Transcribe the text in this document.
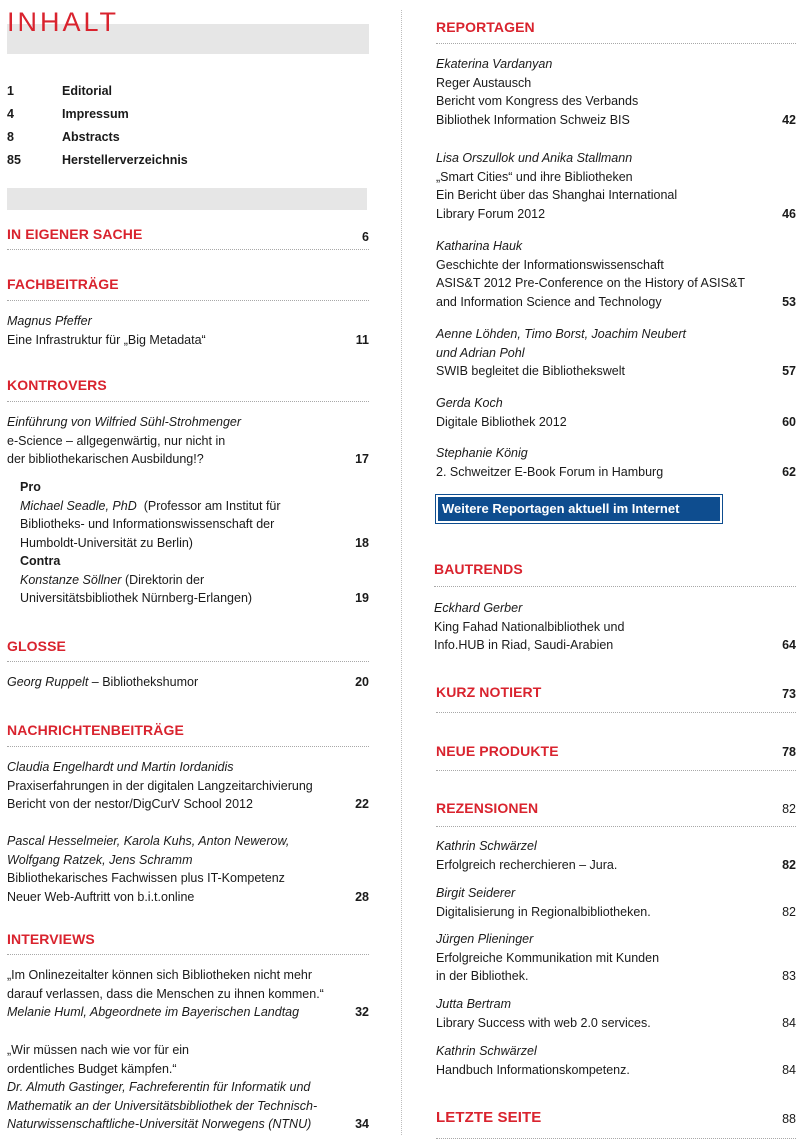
INHALT
1	Editorial
4	Impressum
8	Abstracts
85	Herstellerverzeichnis
IN EIGENER SACHE	6
FACHBEITRÄGE
Magnus Pfeffer
Eine Infrastruktur für „Big Metadata“	11
KONTROVERS
Einführung von Wilfried Sühl-Strohmenger
e-Science – allgegenwärtig, nur nicht in
der bibliothekarischen Ausbildung!?	17
Pro
Michael Seadle, PhD (Professor am Institut für
Bibliotheks- und Informationswissenschaft der
Humboldt-Universität zu Berlin)	18
Contra
Konstanze Söllner (Direktorin der
Universitätsbibliothek Nürnberg-Erlangen)	19
GLOSSE
Georg Ruppelt – Bibliothekshumor	20
NACHRICHTENBEITRÄGE
Claudia Engelhardt und Martin Iordanidis
Praxiserfahrungen in der digitalen Langzeitarchivierung
Bericht von der nestor/DigCurV School 2012	22
Pascal Hesselmeier, Karola Kuhs, Anton Newerow,
Wolfgang Ratzek, Jens Schramm
Bibliothekarisches Fachwissen plus IT-Kompetenz
Neuer Web-Auftritt von b.i.t.online	28
INTERVIEWS
„Im Onlinezeitalter können sich Bibliotheken nicht mehr
darauf verlassen, dass die Menschen zu ihnen kommen.“
Melanie Huml, Abgeordnete im Bayerischen Landtag	32
„Wir müssen nach wie vor für ein
ordentliches Budget kämpfen.“
Dr. Almuth Gastinger, Fachreferentin für Informatik und
Mathematik an der Universitätsbibliothek der Technisch-
Naturwissenschaftliche-Universität Norwegens (NTNU)	34
REPORTAGEN
Ekaterina Vardanyan
Reger Austausch
Bericht vom Kongress des Verbands
Bibliothek Information Schweiz BIS	42
Lisa Orszullok und Anika Stallmann
„Smart Cities“ und ihre Bibliotheken
Ein Bericht über das Shanghai International
Library Forum 2012	46
Katharina Hauk
Geschichte der Informationswissenschaft
ASIS&T 2012 Pre-Conference on the History of ASIS&T
and Information Science and Technology	53
Aenne Löhden, Timo Borst, Joachim Neubert
und Adrian Pohl
SWIB begleitet die Bibliothekswelt	57
Gerda Koch
Digitale Bibliothek 2012	60
Stephanie König
2. Schweitzer E-Book Forum in Hamburg	62
Weitere Reportagen aktuell im Internet
BAUTRENDS
Eckhard Gerber
King Fahad Nationalbibliothek und
Info.HUB in Riad, Saudi-Arabien	64
KURZ NOTIERT	73
NEUE PRODUKTE	78
REZENSIONEN	82
Kathrin Schwärzel
Erfolgreich recherchieren – Jura.	82
Birgit Seiderer
Digitalisierung in Regionalbibliotheken.	82
Jürgen Plieninger
Erfolgreiche Kommunikation mit Kunden
in der Bibliothek.	83
Jutta Bertram
Library Success with web 2.0 services.	84
Kathrin Schwärzel
Handbuch Informationskompetenz.	84
LETZTE SEITE	88
